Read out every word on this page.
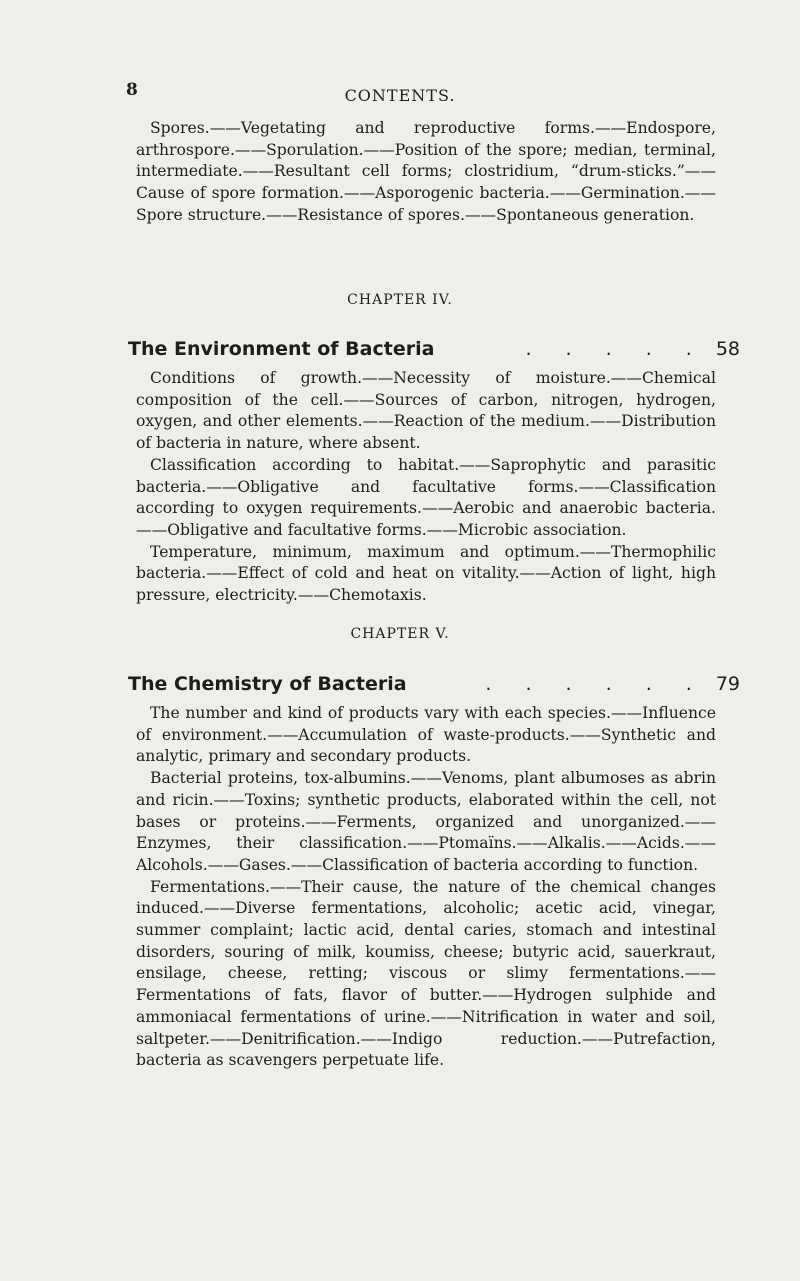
8	CONTENTS.

Spores.——Vegetating and reproductive forms.——Endospore, arthrospore.——Sporulation.——Position of the spore; median, terminal, intermediate.——Resultant cell forms; clostridium, “drum-sticks.”——Cause of spore formation.——Asporogenic bacteria.——Germination.——Spore structure.——Resistance of spores.——Spontaneous generation.

CHAPTER IV.
The Environment of Bacteria	. . . . . 58

Conditions of growth.——Necessity of moisture.——Chemical composition of the cell.——Sources of carbon, nitrogen, hydrogen, oxygen, and other elements.——Reaction of the medium.——Distribution of bacteria in nature, where absent.

Classification according to habitat.——Saprophytic and parasitic bacteria.——Obligative and facultative forms.——Classification according to oxygen requirements.——Aerobic and anaerobic bacteria.——Obligative and facultative forms.——Microbic association.

Temperature, minimum, maximum and optimum.——Thermophilic bacteria.——Effect of cold and heat on vitality.——Action of light, high pressure, electricity.——Chemotaxis.

CHAPTER V.
The Chemistry of Bacteria	. . . . . . 79

The number and kind of products vary with each species.——Influence of environment.——Accumulation of waste-products.——Synthetic and analytic, primary and secondary products.

Bacterial proteins, tox-albumins.——Venoms, plant albumoses as abrin and ricin.——Toxins; synthetic products, elaborated within the cell, not bases or proteins.——Ferments, organized and unorganized.——Enzymes, their classification.——Ptomaïns.——Alkalis.——Acids.——Alcohols.——Gases.——Classification of bacteria according to function.

Fermentations.——Their cause, the nature of the chemical changes induced.——Diverse fermentations, alcoholic; acetic acid, vinegar, summer complaint; lactic acid, dental caries, stomach and intestinal disorders, souring of milk, koumiss, cheese; butyric acid, sauerkraut, ensilage, cheese, retting; viscous or slimy fermentations.——Fermentations of fats, flavor of butter.——Hydrogen sulphide and ammoniacal fermentations of urine.——Nitrification in water and soil, saltpeter.——Denitrification.——Indigo reduction.——Putrefaction, bacteria as scavengers perpetuate life.
